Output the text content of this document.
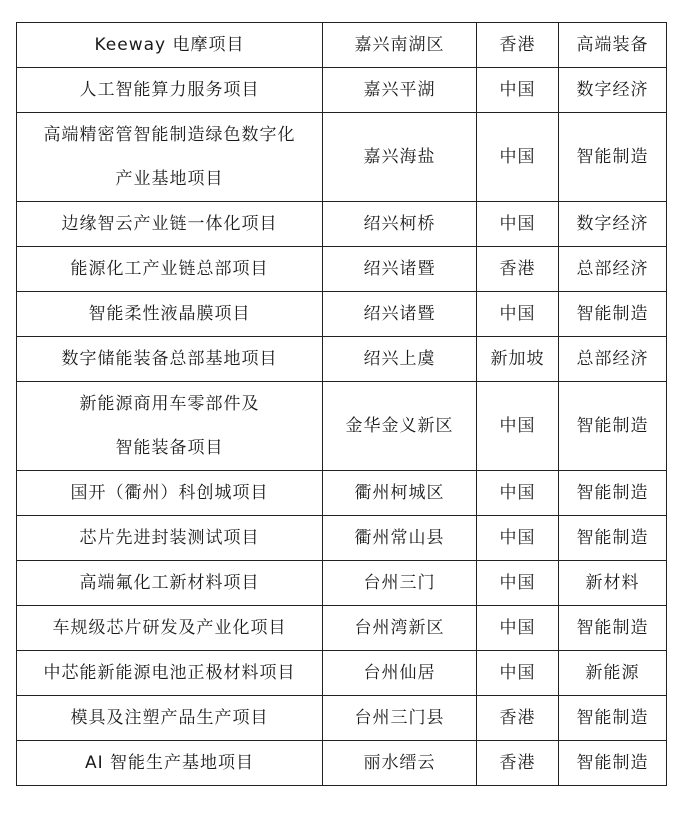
Keeway 电摩项目	嘉兴南湖区	香港	高端装备

人工智能算力服务项目	嘉兴平湖	中国	数字经济

高端精密管智能制造绿色数字化
产业基地项目	嘉兴海盐	中国	智能制造

边缘智云产业链一体化项目	绍兴柯桥	中国	数字经济

能源化工产业链总部项目	绍兴诸暨	香港	总部经济

智能柔性液晶膜项目	绍兴诸暨	中国	智能制造

数字储能装备总部基地项目	绍兴上虞	新加坡	总部经济

新能源商用车零部件及
智能装备项目	金华金义新区	中国	智能制造

国开（衢州）科创城项目	衢州柯城区	中国	智能制造

芯片先进封装测试项目	衢州常山县	中国	智能制造

高端氟化工新材料项目	台州三门	中国	新材料

车规级芯片研发及产业化项目	台州湾新区	中国	智能制造

中芯能新能源电池正极材料项目	台州仙居	中国	新能源

模具及注塑产品生产项目	台州三门县	香港	智能制造

AI 智能生产基地项目	丽水缙云	香港	智能制造
